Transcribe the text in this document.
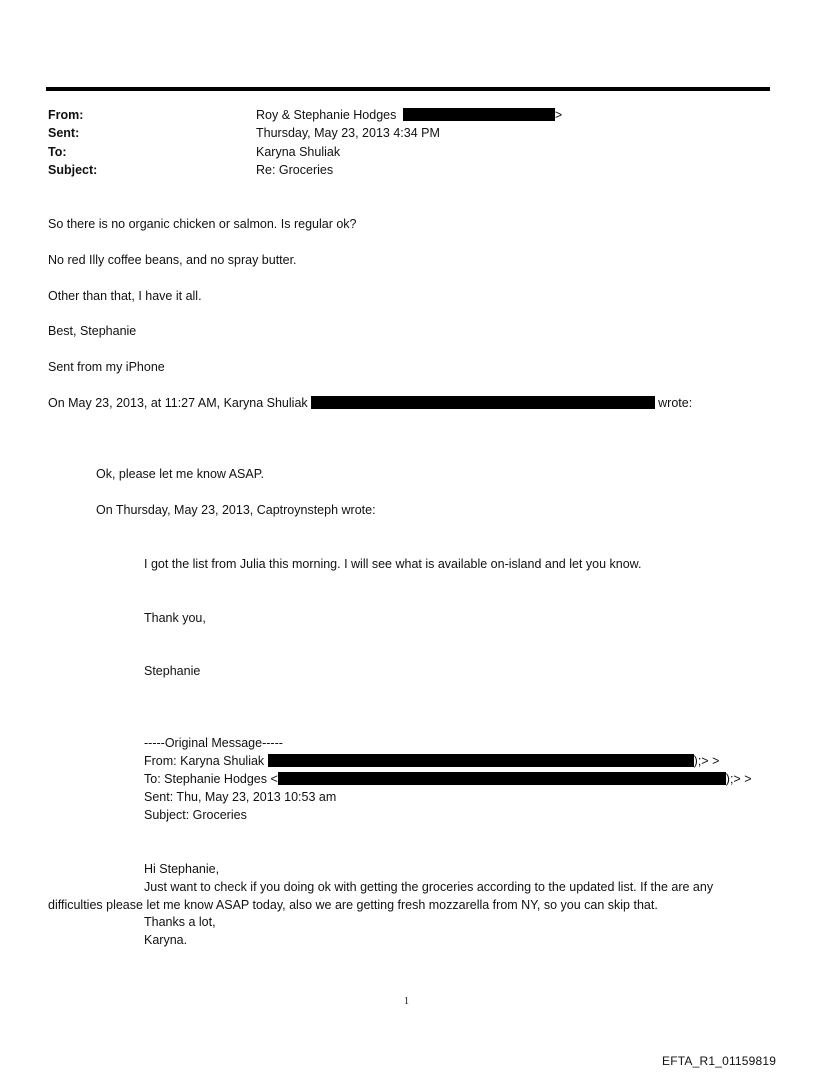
From:	Roy & Stephanie Hodges	>
Sent:	Thursday, May 23, 2013 4:34 PM
To:	Karyna Shuliak
Subject:	Re: Groceries
So there is no organic chicken or salmon. Is regular ok?
No red Illy coffee beans, and no spray butter.
Other than that, I have it all.
Best, Stephanie
Sent from my iPhone
On May 23, 2013, at 11:27 AM, Karyna Shuliak	wrote:
Ok, please let me know ASAP.
On Thursday, May 23, 2013, Captroynsteph wrote:
I got the list from Julia this morning. I will see what is available on-island and let you know.
Thank you,
Stephanie
-----Original Message-----
From: Karyna Shuliak	);> >
To: Stephanie Hodges <	);> >
Sent: Thu, May 23, 2013 10:53 am
Subject: Groceries
Hi Stephanie,
Just want to check if you doing ok with getting the groceries according to the updated list. If the are any
difficulties please let me know ASAP today, also we are getting fresh mozzarella from NY, so you can skip that.
Thanks a lot,
Karyna.
1
EFTA_R1_01159819
